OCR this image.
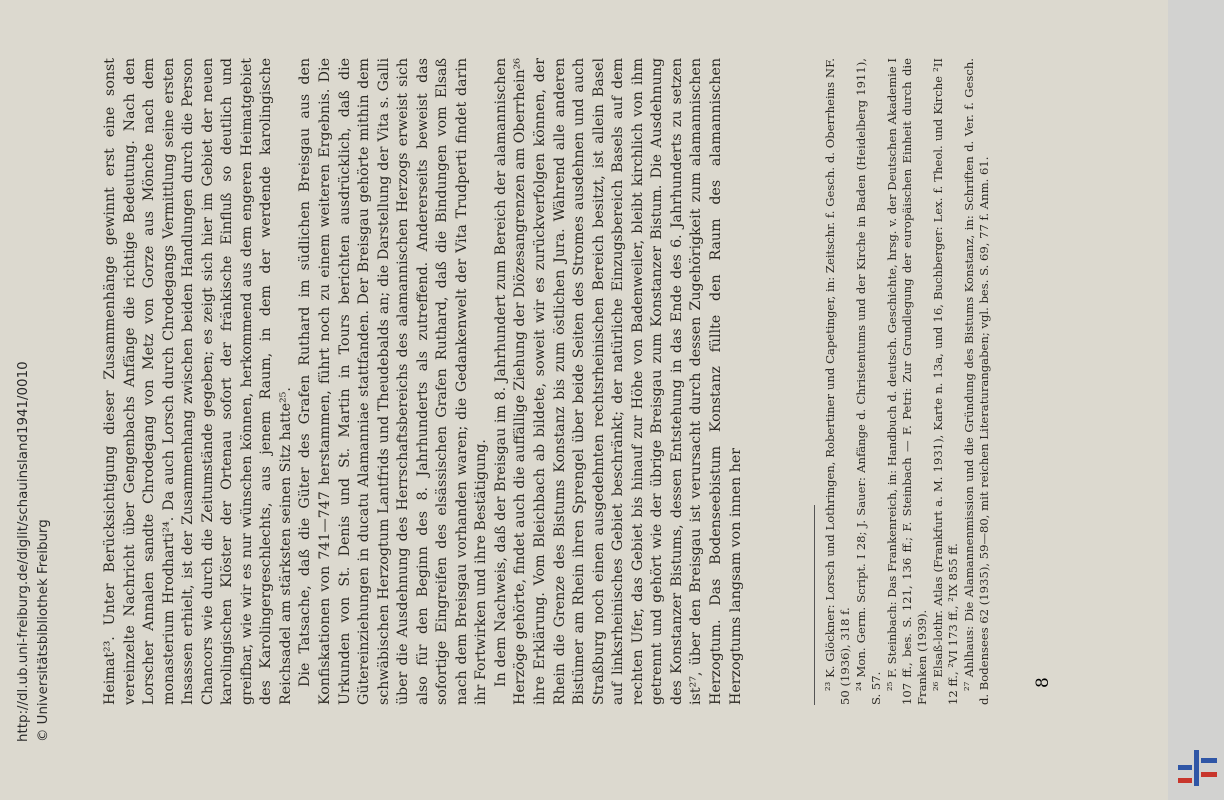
Heimat²³. Unter Berücksichtigung dieser Zusammenhänge gewinnt erst eine sonst vereinzelte Nachricht über Gengenbachs Anfänge die richtige Bedeutung. Nach den Lorscher Annalen sandte Chrodegang von Metz von Gorze aus Mönche nach dem monasterium Hrodharti²⁴. Da auch Lorsch durch Chrodegangs Vermittlung seine ersten Insassen erhielt, ist der Zusammenhang zwischen beiden Handlungen durch die Person Chancors wie durch die Zeitumstände gegeben; es zeigt sich hier im Gebiet der neuen karolingischen Klöster der Ortenau sofort der fränkische Einfluß so deutlich und greifbar, wie wir es nur wünschen können, herkommend aus dem engeren Heimatgebiet des Karolingergeschlechts, aus jenem Raum, in dem der werdende karolingische Reichsadel am stärksten seinen Sitz hatte²⁵. Die Tatsache, daß die Güter des Grafen Ruthard im südlichen Breisgau aus den Konfiskationen von 741—747 herstammen, führt noch zu einem weiteren Ergebnis. Die Urkunden von St. Denis und St. Martin in Tours berichten ausdrücklich, daß die Gütereinziehungen in ducatu Alamanniae stattfanden. Der Breisgau gehörte mithin dem schwäbischen Herzogtum Lantfrids und Theudebalds an; die Darstellung der Vita s. Galli über die Ausdehnung des Herrschaftsbereichs des alamannischen Herzogs erweist sich also für den Beginn des 8. Jahrhunderts als zutreffend. Andererseits beweist das sofortige Eingreifen des elsässischen Grafen Ruthard, daß die Bindungen vom Elsaß nach dem Breisgau vorhanden waren; die Gedankenwelt der Vita Trudperti findet darin ihr Fortwirken und ihre Bestätigung. In dem Nachweis, daß der Breisgau im 8. Jahrhundert zum Bereich der alamannischen Herzöge gehörte, findet auch die auffällige Ziehung der Diözesangrenzen am Oberrhein²⁶ ihre Erklärung. Vom Bleichbach ab bildete, soweit wir es zurückverfolgen können, der Rhein die Grenze des Bistums Konstanz bis zum östlichen Jura. Während alle anderen Bistümer am Rhein ihren Sprengel über beide Seiten des Stromes ausdehnen und auch Straßburg noch einen ausgedehnten rechtsrheinischen Bereich besitzt, ist allein Basel auf linksrheinisches Gebiet beschränkt; der natürliche Einzugsbereich Basels auf dem rechten Ufer, das Gebiet bis hinauf zur Höhe von Badenweiler, bleibt kirchlich von ihm getrennt und gehört wie der übrige Breisgau zum Konstanzer Bistum. Die Ausdehnung des Konstanzer Bistums, dessen Entstehung in das Ende des 6. Jahrhunderts zu setzen ist²⁷, über den Breisgau ist verursacht durch dessen Zugehörigkeit zum alamannischen Herzogtum. Das Bodenseebistum Konstanz füllte den Raum des alamannischen Herzogtums langsam von innen her	²³ K. Glöckner: Lorsch und Lothringen, Robertiner und Capetinger, in: Zeitschr. f. Gesch. d. Oberrheins NF. 50 (1936), 318 f. ²⁴ Mon. Germ. Script. I 28; J. Sauer: Anfänge d. Christentums und der Kirche in Baden (Heidelberg 1911), S. 57. ²⁵ F. Steinbach: Das Frankenreich, in: Handbuch d. deutsch. Geschichte, hrsg. v. der Deutschen Akademie I 107 ff., bes. S. 121, 136 ff.; F. Steinbach — F. Petri: Zur Grundlegung der europäischen Einheit durch die Franken (1939). ²⁶ Elsaß-lothr. Atlas (Frankfurt a. M. 1931), Karte n. 13a, und 16, Buchberger: Lex. f. Theol. und Kirche ²II 12 ff., ²VI 173 ff., ²IX 855 ff. ²⁷ Ahlhaus: Die Alamannenmission und die Gründung des Bistums Konstanz, in: Schriften d. Ver. f. Gesch. d. Bodensees 62 (1935), 59—80, mit reichen Literaturangaben; vgl. bes. S. 69, 77 f. Anm. 61. 8
http://dl.ub.uni-freiburg.de/diglit/schauinsland1941/0010 © Universitätsbibliothek Freiburg
